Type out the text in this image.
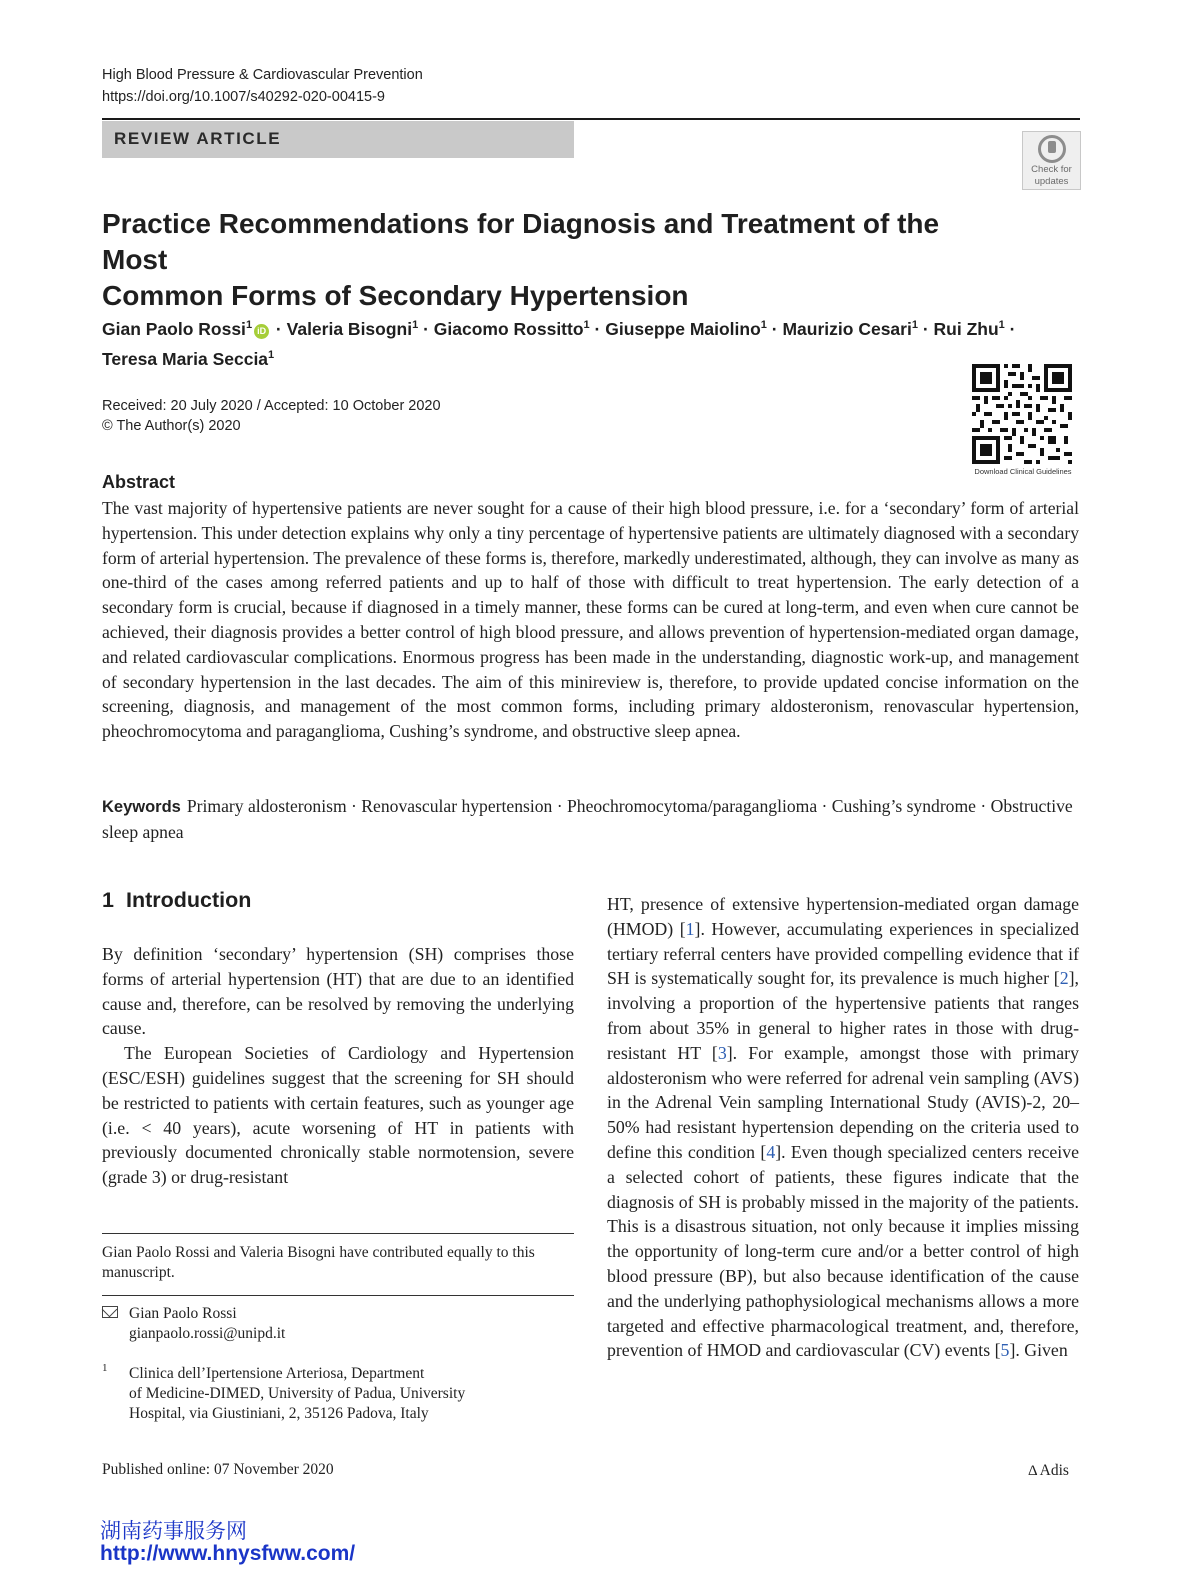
High Blood Pressure & Cardiovascular Prevention
https://doi.org/10.1007/s40292-020-00415-9
REVIEW ARTICLE
Check for
updates
Practice Recommendations for Diagnosis and Treatment of the Most
Common Forms of Secondary Hypertension
Gian Paolo Rossi$^1$ iD · Valeria Bisogni$^1$ · Giacomo Rossitto$^1$ · Giuseppe Maiolino$^1$ · Maurizio Cesari$^1$ · Rui Zhu$^1$ ·
Teresa Maria Seccia$^1$
Download Clinical Guidelines
Received: 20 July 2020 / Accepted: 10 October 2020
© The Author(s) 2020
Abstract
The vast majority of hypertensive patients are never sought for a cause of their high blood pressure, i.e. for a ‘secondary’ form of arterial hypertension. This under detection explains why only a tiny percentage of hypertensive patients are ultimately diagnosed with a secondary form of arterial hypertension. The prevalence of these forms is, therefore, markedly underestimated, although, they can involve as many as one-third of the cases among referred patients and up to half of those with difficult to treat hypertension. The early detection of a secondary form is crucial, because if diagnosed in a timely manner, these forms can be cured at long-term, and even when cure cannot be achieved, their diagnosis provides a better control of high blood pressure, and allows prevention of hypertension-mediated organ damage, and related cardiovascular complications. Enormous progress has been made in the understanding, diagnostic work-up, and management of secondary hypertension in the last decades. The aim of this minireview is, therefore, to provide updated concise information on the screening, diagnosis, and management of the most common forms, including primary aldosteronism, renovascular hypertension, pheochromocytoma and paraganglioma, Cushing’s syndrome, and obstructive sleep apnea.
Keywords Primary aldosteronism · Renovascular hypertension · Pheochromocytoma/paraganglioma · Cushing’s syndrome · Obstructive sleep apnea
1 Introduction

By definition ‘secondary’ hypertension (SH) comprises those forms of arterial hypertension (HT) that are due to an identified cause and, therefore, can be resolved by removing the underlying cause.

The European Societies of Cardiology and Hypertension (ESC/ESH) guidelines suggest that the screening for SH should be restricted to patients with certain features, such as younger age (i.e. < 40 years), acute worsening of HT in patients with previously documented chronically stable normotension, severe (grade 3) or drug-resistant

HT, presence of extensive hypertension-mediated organ damage (HMOD) [1]. However, accumulating experiences in specialized tertiary referral centers have provided compelling evidence that if SH is systematically sought for, its prevalence is much higher [2], involving a proportion of the hypertensive patients that ranges from about 35% in general to higher rates in those with drug-resistant HT [3]. For example, amongst those with primary aldosteronism who were referred for adrenal vein sampling (AVS) in the Adrenal Vein sampling International Study (AVIS)-2, 20–50% had resistant hypertension depending on the criteria used to define this condition [4]. Even though specialized centers receive a selected cohort of patients, these figures indicate that the diagnosis of SH is probably missed in the majority of the patients. This is a disastrous situation, not only because it implies missing the opportunity of long-term cure and/or a better control of high blood pressure (BP), but also because identification of the cause and the underlying pathophysiological mechanisms allows a more targeted and effective pharmacological treatment, and, therefore, prevention of HMOD and cardiovascular (CV) events [5]. Given

Gian Paolo Rossi and Valeria Bisogni have contributed equally to this manuscript.
Gian Paolo Rossi
gianpaolo.rossi@unipd.it
1 Clinica dell’Ipertensione Arteriosa, Department
of Medicine-DIMED, University of Padua, University
Hospital, via Giustiniani, 2, 35126 Padova, Italy
Published online: 07 November 2020	Δ Adis
湖南药事服务网
http://www.hnysfww.com/
